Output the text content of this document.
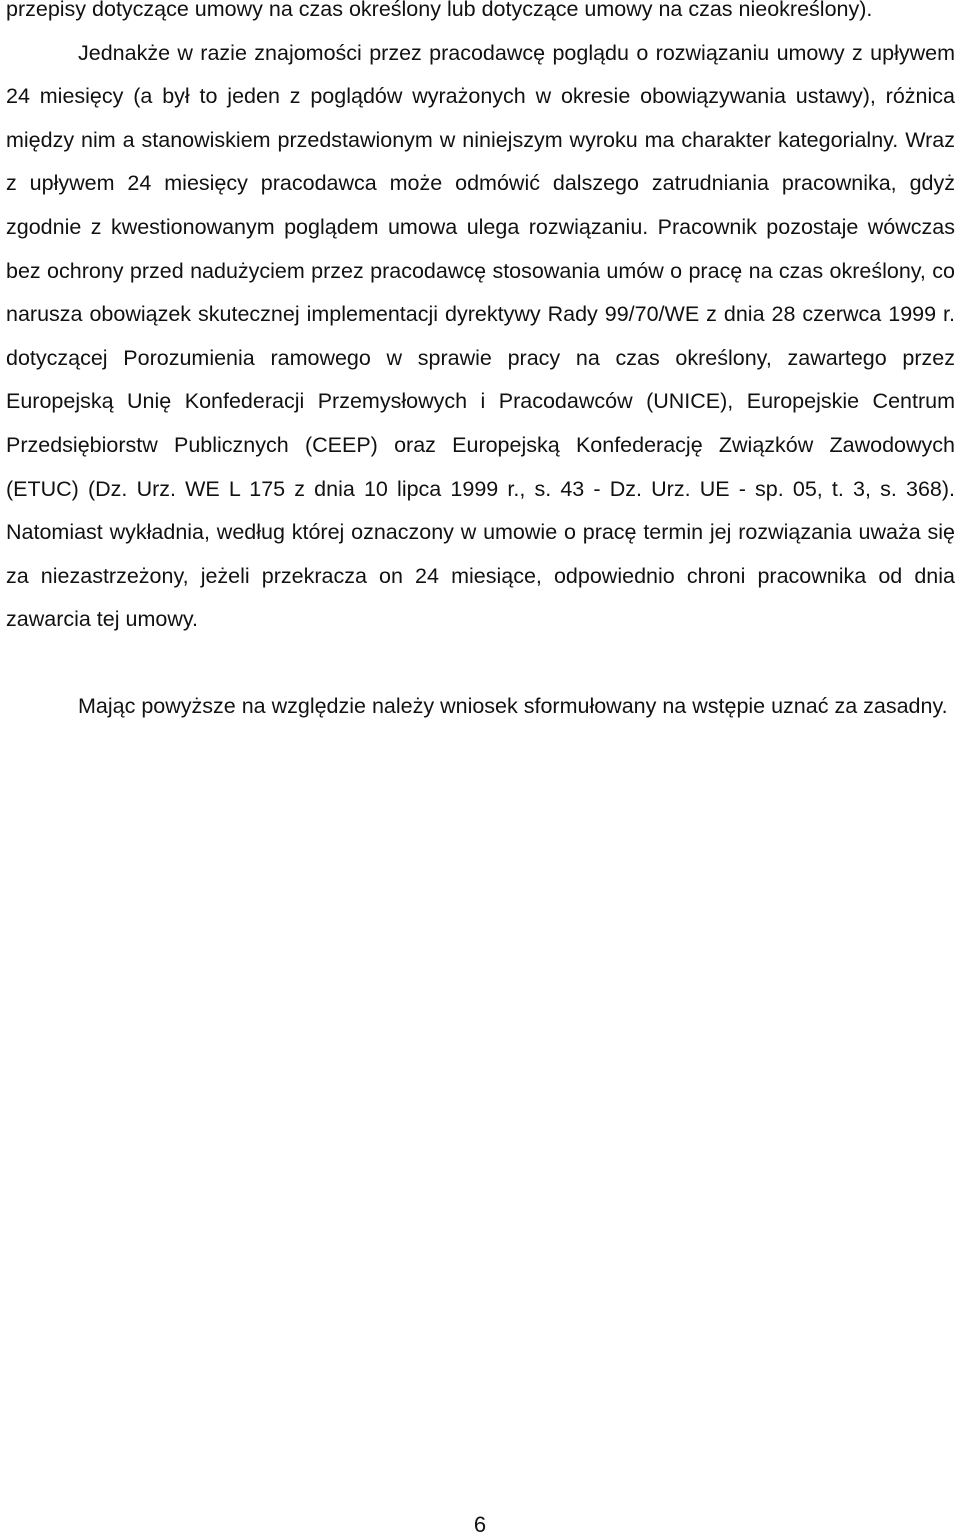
przepisy dotyczące umowy na czas określony lub dotyczące umowy na czas nieokreślony).

Jednakże w razie znajomości przez pracodawcę poglądu o rozwiązaniu umowy z upływem 24 miesięcy (a był to jeden z poglądów wyrażonych w okresie obowiązywania ustawy), różnica między nim a stanowiskiem przedstawionym w niniejszym wyroku ma charakter kategorialny. Wraz z upływem 24 miesięcy pracodawca może odmówić dalszego zatrudniania pracownika, gdyż zgodnie z kwestionowanym poglądem umowa ulega rozwiązaniu. Pracownik pozostaje wówczas bez ochrony przed nadużyciem przez pracodawcę stosowania umów o pracę na czas określony, co narusza obowiązek skutecznej implementacji dyrektywy Rady 99/70/WE z dnia 28 czerwca 1999 r. dotyczącej Porozumienia ramowego w sprawie pracy na czas określony, zawartego przez Europejską Unię Konfederacji Przemysłowych i Pracodawców (UNICE), Europejskie Centrum Przedsiębiorstw Publicznych (CEEP) oraz Europejską Konfederację Związków Zawodowych (ETUC) (Dz. Urz. WE L 175 z dnia 10 lipca 1999 r., s. 43 - Dz. Urz. UE - sp. 05, t. 3, s. 368). Natomiast wykładnia, według której oznaczony w umowie o pracę termin jej rozwiązania uważa się za niezastrzeżony, jeżeli przekracza on 24 miesiące, odpowiednio chroni pracownika od dnia zawarcia tej umowy.

Mając powyższe na względzie należy wniosek sformułowany na wstępie uznać za zasadny.

6
